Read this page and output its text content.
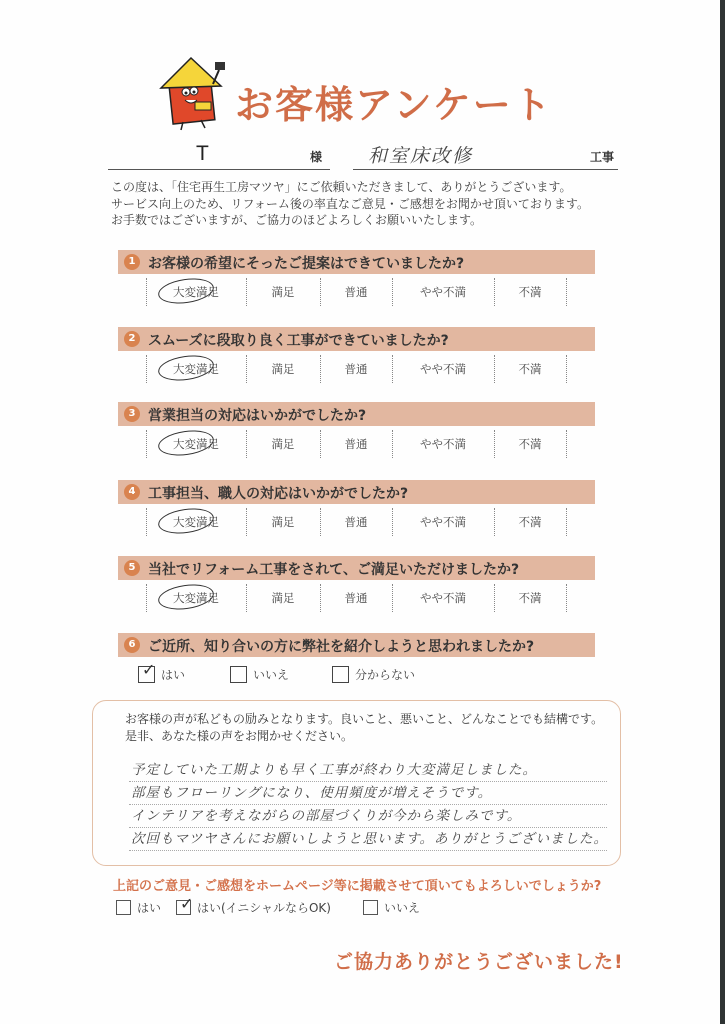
お客様アンケート
T	様 和室床改修	工事
この度は、「住宅再生工房マツヤ」にご依頼いただきまして、ありがとうございます。
サービス向上のため、リフォーム後の率直なご意見・ご感想をお聞かせ頂いております。
お手数ではございますが、ご協力のほどよろしくお願いいたします。
1 お客様の希望にそったご提案はできていましたか?
大変満足	満足	普通	やや不満	不満
2 スムーズに段取り良く工事ができていましたか?
大変満足	満足	普通	やや不満	不満
3 営業担当の対応はいかがでしたか?
大変満足	満足	普通	やや不満	不満
4 工事担当、職人の対応はいかがでしたか?
大変満足	満足	普通	やや不満	不満
5 当社でリフォーム工事をされて、ご満足いただけましたか?
大変満足	満足	普通	やや不満	不満
6 ご近所、知り合いの方に弊社を紹介しようと思われましたか?
✓ はい	いいえ	分からない
お客様の声が私どもの励みとなります。良いこと、悪いこと、どんなことでも結構です。
是非、あなた様の声をお聞かせください。
予定していた工期よりも早く工事が終わり大変満足しました。
部屋もフローリングになり、使用頻度が増えそうです。
インテリアを考えながらの部屋づくりが今から楽しみです。
次回もマツヤさんにお願いしようと思います。ありがとうございました。
上記のご意見・ご感想をホームページ等に掲載させて頂いてもよろしいでしょうか?
はい ✓ はい(イニシャルならOK)	いいえ
ご協力ありがとうございました!
